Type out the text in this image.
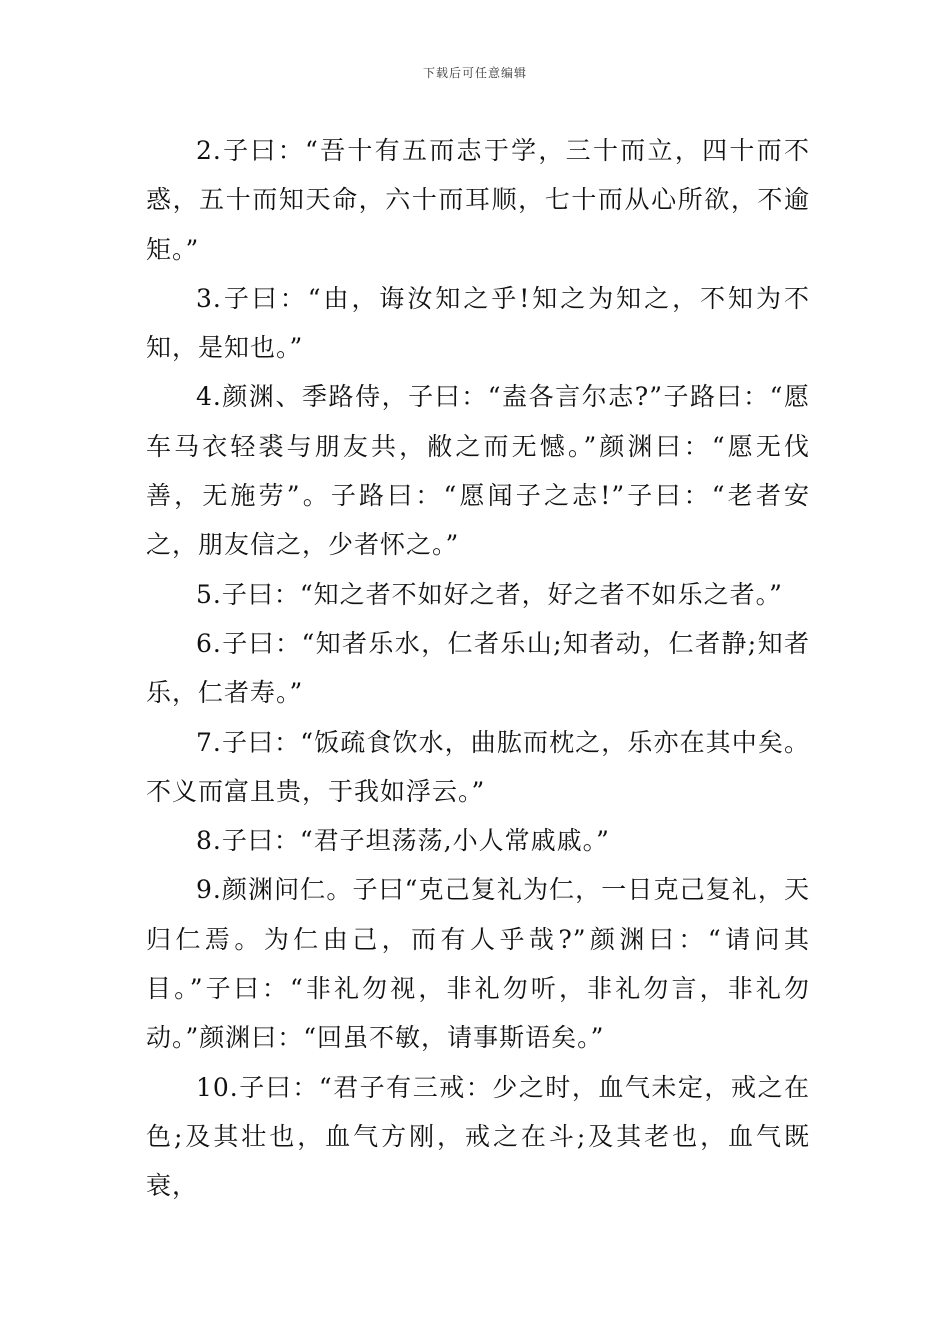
下载后可任意编辑

2.子曰：“吾十有五而志于学，三十而立，四十而不惑，五十而知天命，六十而耳顺，七十而从心所欲，不逾矩。”

3.子曰：“由，诲汝知之乎!知之为知之，不知为不知，是知也。”

4.颜渊、季路侍，子曰：“盍各言尔志?”子路曰：“愿车马衣轻裘与朋友共，敝之而无憾。”颜渊曰：“愿无伐善，无施劳”。子路曰：“愿闻子之志!”子曰：“老者安之，朋友信之，少者怀之。”

5.子曰：“知之者不如好之者，好之者不如乐之者。”

6.子曰：“知者乐水，仁者乐山;知者动，仁者静;知者乐，仁者寿。”

7.子曰：“饭疏食饮水，曲肱而枕之，乐亦在其中矣。不义而富且贵，于我如浮云。”

8.子曰：“君子坦荡荡,小人常戚戚。”

9.颜渊问仁。子曰“克己复礼为仁，一日克己复礼，天归仁焉。为仁由己，而有人乎哉?”颜渊曰：“请问其目。”子曰：“非礼勿视，非礼勿听，非礼勿言，非礼勿动。”颜渊曰：“回虽不敏，请事斯语矣。”

10.子曰：“君子有三戒：少之时，血气未定，戒之在色;及其壮也，血气方刚，戒之在斗;及其老也，血气既衰，
